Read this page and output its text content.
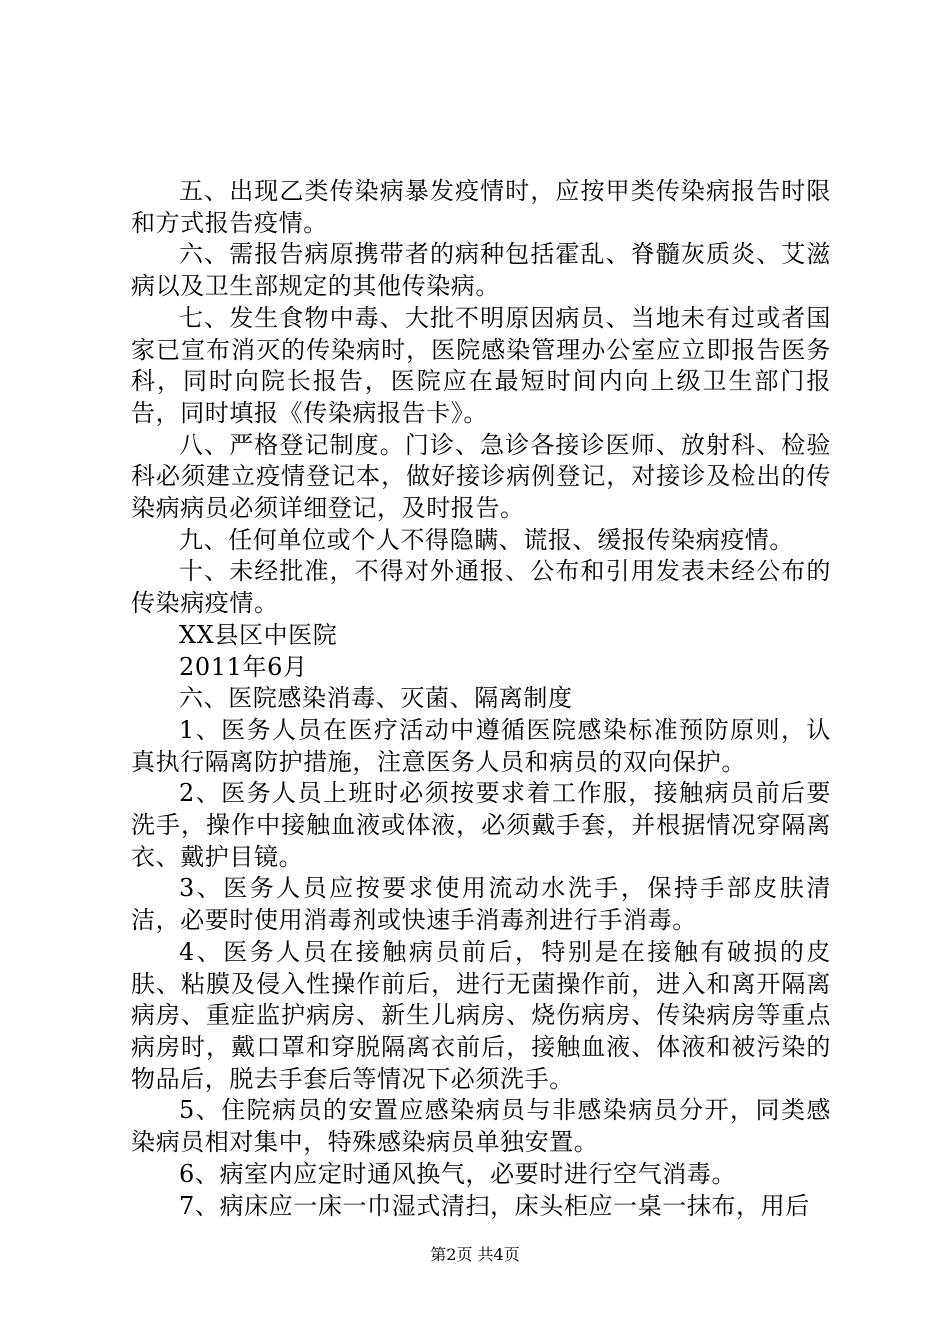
五、出现乙类传染病暴发疫情时，应按甲类传染病报告时限和方式报告疫情。

六、需报告病原携带者的病种包括霍乱、脊髓灰质炎、艾滋病以及卫生部规定的其他传染病。

七、发生食物中毒、大批不明原因病员、当地未有过或者国家已宣布消灭的传染病时，医院感染管理办公室应立即报告医务科，同时向院长报告，医院应在最短时间内向上级卫生部门报告，同时填报《传染病报告卡》。

八、严格登记制度。门诊、急诊各接诊医师、放射科、检验科必须建立疫情登记本，做好接诊病例登记，对接诊及检出的传染病病员必须详细登记，及时报告。

九、任何单位或个人不得隐瞒、谎报、缓报传染病疫情。

十、未经批准，不得对外通报、公布和引用发表未经公布的传染病疫情。

XX县区中医院

2011年6月

六、医院感染消毒、灭菌、隔离制度

1、医务人员在医疗活动中遵循医院感染标准预防原则，认真执行隔离防护措施，注意医务人员和病员的双向保护。

2、医务人员上班时必须按要求着工作服，接触病员前后要洗手，操作中接触血液或体液，必须戴手套，并根据情况穿隔离衣、戴护目镜。

3、医务人员应按要求使用流动水洗手，保持手部皮肤清洁，必要时使用消毒剂或快速手消毒剂进行手消毒。

4、医务人员在接触病员前后，特别是在接触有破损的皮肤、粘膜及侵入性操作前后，进行无菌操作前，进入和离开隔离病房、重症监护病房、新生儿病房、烧伤病房、传染病房等重点病房时，戴口罩和穿脱隔离衣前后，接触血液、体液和被污染的物品后，脱去手套后等情况下必须洗手。

5、住院病员的安置应感染病员与非感染病员分开，同类感染病员相对集中，特殊感染病员单独安置。

6、病室内应定时通风换气，必要时进行空气消毒。

7、病床应一床一巾湿式清扫，床头柜应一桌一抹布，用后

第2页 共4页
